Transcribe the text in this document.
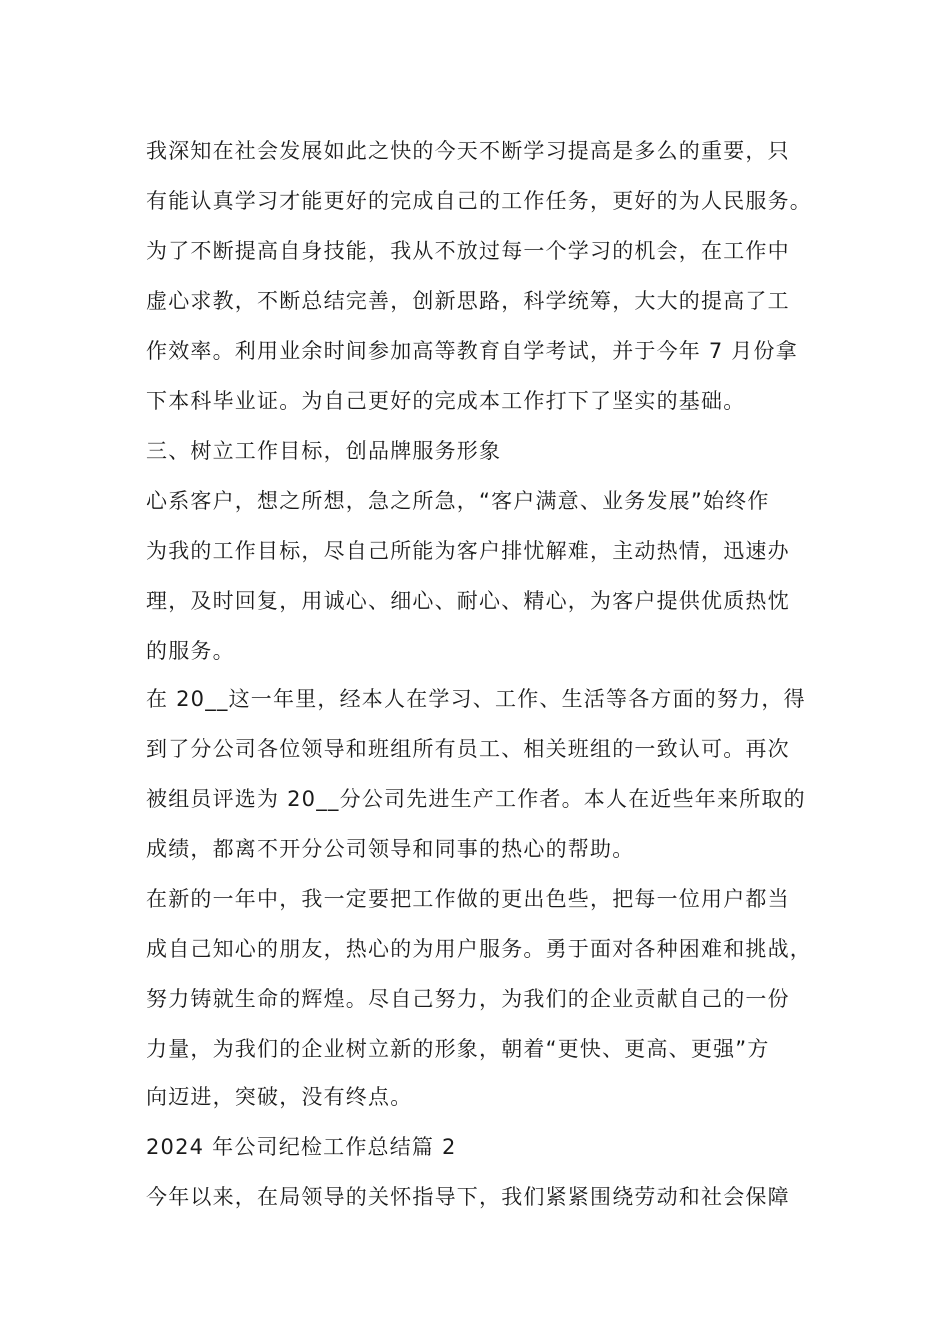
我深知在社会发展如此之快的今天不断学习提高是多么的重要，只
有能认真学习才能更好的完成自己的工作任务，更好的为人民服务。
为了不断提高自身技能，我从不放过每一个学习的机会，在工作中
虚心求教，不断总结完善，创新思路，科学统筹，大大的提高了工
作效率。利用业余时间参加高等教育自学考试，并于今年 7 月份拿
下本科毕业证。为自己更好的完成本工作打下了坚实的基础。
三、树立工作目标，创品牌服务形象
心系客户，想之所想，急之所急，“客户满意、业务发展”始终作
为我的工作目标，尽自己所能为客户排忧解难，主动热情，迅速办
理，及时回复，用诚心、细心、耐心、精心，为客户提供优质热忱
的服务。
在 20__这一年里，经本人在学习、工作、生活等各方面的努力，得
到了分公司各位领导和班组所有员工、相关班组的一致认可。再次
被组员评选为 20__分公司先进生产工作者。本人在近些年来所取的
成绩，都离不开分公司领导和同事的热心的帮助。
在新的一年中，我一定要把工作做的更出色些，把每一位用户都当
成自己知心的朋友，热心的为用户服务。勇于面对各种困难和挑战，
努力铸就生命的辉煌。尽自己努力，为我们的企业贡献自己的一份
力量，为我们的企业树立新的形象，朝着“更快、更高、更强”方
向迈进，突破，没有终点。
2024 年公司纪检工作总结篇 2
今年以来，在局领导的关怀指导下，我们紧紧围绕劳动和社会保障
